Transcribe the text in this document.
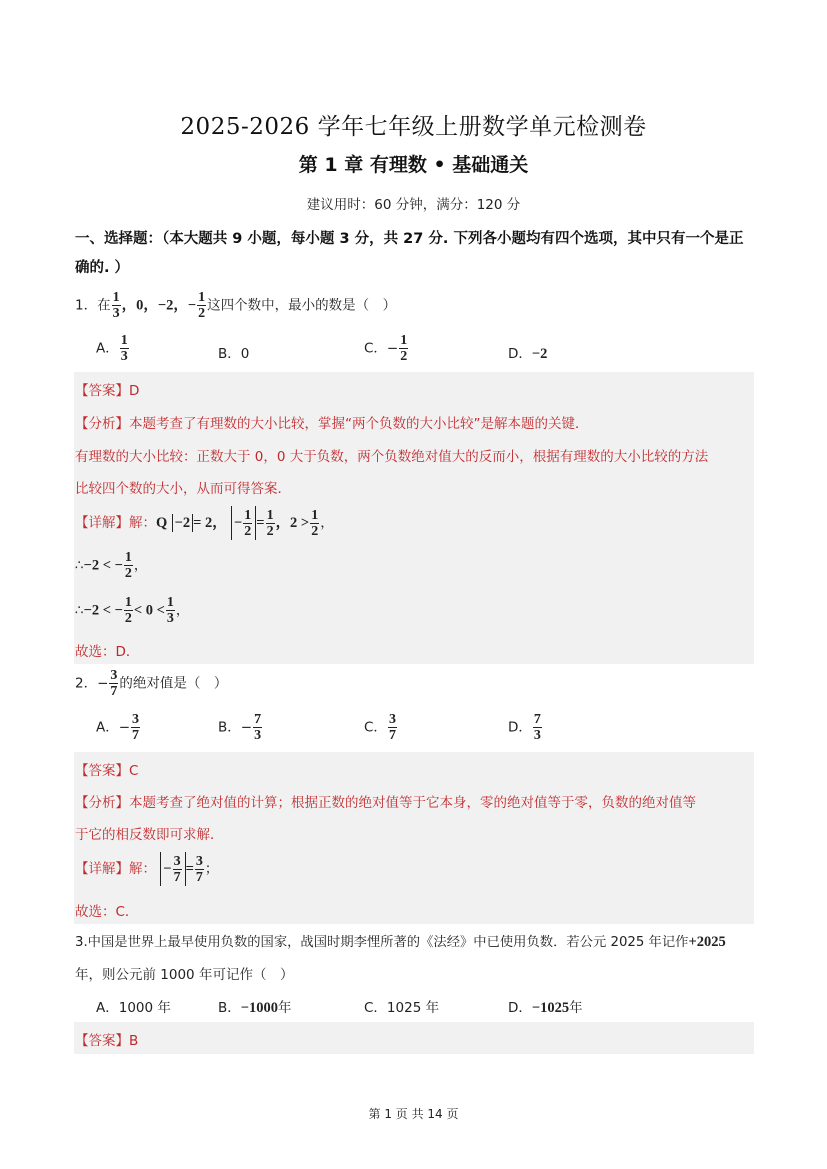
2025-2026 学年七年级上册数学单元检测卷
第 1 章 有理数 • 基础通关
建议用时：60 分钟，满分：120 分
一、选择题：（本大题共 9 小题，每小题 3 分，共 27 分. 下列各小题均有四个选项，其中只有一个是正确的. ）
1．在 $\frac{1}{3}$ ，0，−2，− $\frac{1}{2}$ 这四个数中，最小的数是（　）
A． $\frac{1}{3}$	B．0	C．− $\frac{1}{2}$	D．−2
【答案】D
【分析】本题考查了有理数的大小比较，掌握“两个负数的大小比较”是解本题的关键．
有理数的大小比较：正数大于 0，0 大于负数，两个负数绝对值大的反而小，根据有理数的大小比较的方法
比较四个数的大小，从而可得答案．
【详解】解：Q −2 = 2， − $\frac{1}{2} = \frac{1}{2}$ ，$2 > \frac{1}{2}$ ，
∴−2 < − $\frac{1}{2}$ ，
∴−2 < − $\frac{1}{2} < 0 < \frac{1}{3}$ ，
故选：D．
2．− $\frac{3}{7}$ 的绝对值是（　）
A．− $\frac{3}{7}$	B．− $\frac{7}{3}$	C． $\frac{3}{7}$	D． $\frac{7}{3}$
【答案】C
【分析】本题考查了绝对值的计算；根据正数的绝对值等于它本身，零的绝对值等于零，负数的绝对值等
于它的相反数即可求解．
【详解】解： − $\frac{3}{7} = \frac{3}{7}$ ；
故选：C．
3.中国是世界上最早使用负数的国家，战国时期李悝所著的《法经》中已使用负数．若公元 2025 年记作+2025
年，则公元前 1000 年可记作（　）
A．1000 年	B．−1000年	C．1025 年	D．−1025年
【答案】B
第 1 页 共 14 页
